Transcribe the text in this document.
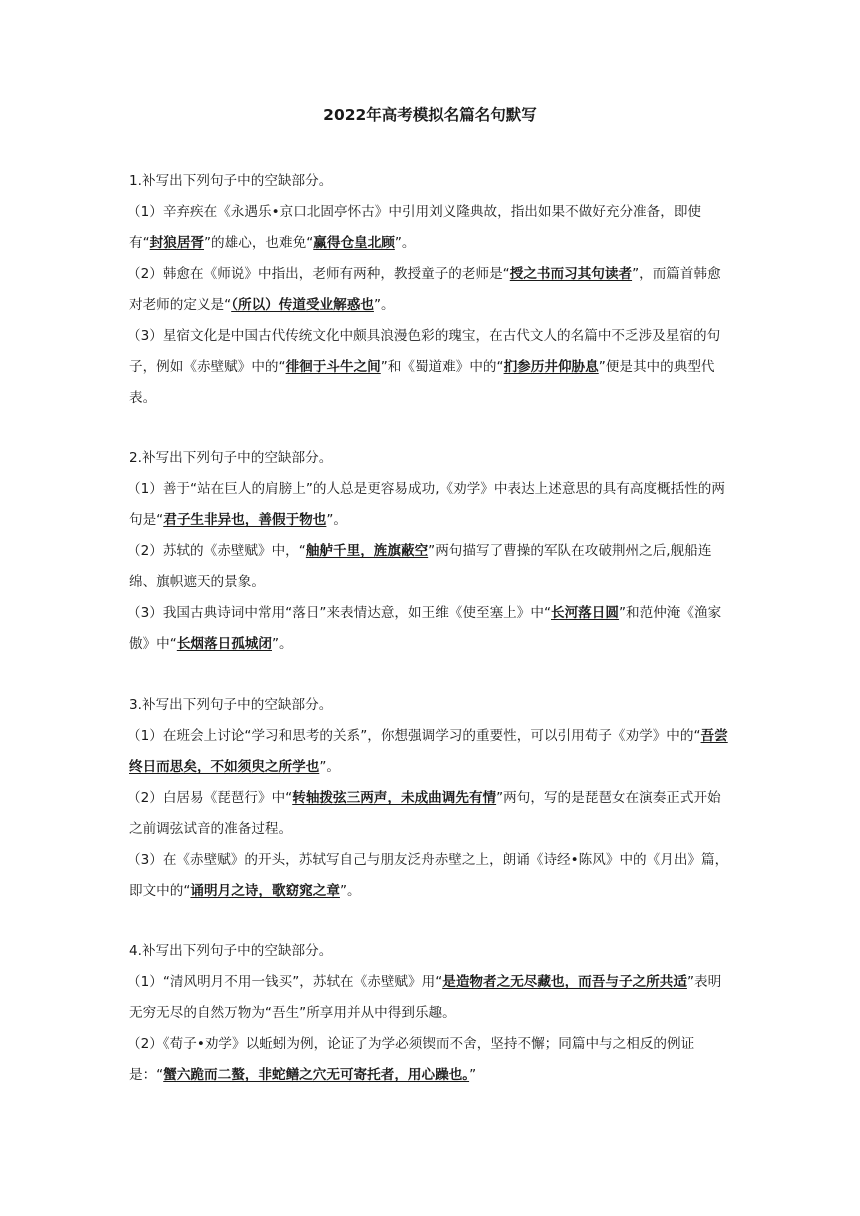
2022年高考模拟名篇名句默写

1.补写出下列句子中的空缺部分。

（1）辛弃疾在《永遇乐•京口北固亭怀古》中引用刘义隆典故，指出如果不做好充分准备，即使有“封狼居胥”的雄心，也难免“赢得仓皇北顾”。

（2）韩愈在《师说》中指出，老师有两种，教授童子的老师是“授之书而习其句读者”，而篇首韩愈对老师的定义是“（所以）传道受业解惑也”。

（3）星宿文化是中国古代传统文化中颇具浪漫色彩的瑰宝，在古代文人的名篇中不乏涉及星宿的句子，例如《赤壁赋》中的“徘徊于斗牛之间”和《蜀道难》中的“扪参历井仰胁息”便是其中的典型代表。

2.补写出下列句子中的空缺部分。

（1）善于“站在巨人的肩膀上”的人总是更容易成功,《劝学》中表达上述意思的具有高度概括性的两句是“君子生非异也，善假于物也”。

（2）苏轼的《赤壁赋》中，“舳舻千里，旌旗蔽空”两句描写了曹操的军队在攻破荆州之后,舰船连绵、旗帜遮天的景象。

（3）我国古典诗词中常用“落日”来表情达意，如王维《使至塞上》中“长河落日圆”和范仲淹《渔家傲》中“长烟落日孤城闭”。

3.补写出下列句子中的空缺部分。

（1）在班会上讨论“学习和思考的关系”，你想强调学习的重要性，可以引用荀子《劝学》中的“吾尝终日而思矣，不如须臾之所学也”。

（2）白居易《琵琶行》中“转轴拨弦三两声，未成曲调先有情”两句，写的是琵琶女在演奏正式开始之前调弦试音的准备过程。

（3）在《赤壁赋》的开头，苏轼写自己与朋友泛舟赤壁之上，朗诵《诗经•陈风》中的《月出》篇，即文中的“诵明月之诗，歌窈窕之章”。

4.补写出下列句子中的空缺部分。

（1）“清风明月不用一钱买”，苏轼在《赤壁赋》用“是造物者之无尽藏也，而吾与子之所共适”表明无穷无尽的自然万物为“吾生”所享用并从中得到乐趣。

（2）《荀子•劝学》以蚯蚓为例，论证了为学必须锲而不舍，坚持不懈；同篇中与之相反的例证是：“蟹六跪而二螯，非蛇鳝之穴无可寄托者，用心躁也。”
